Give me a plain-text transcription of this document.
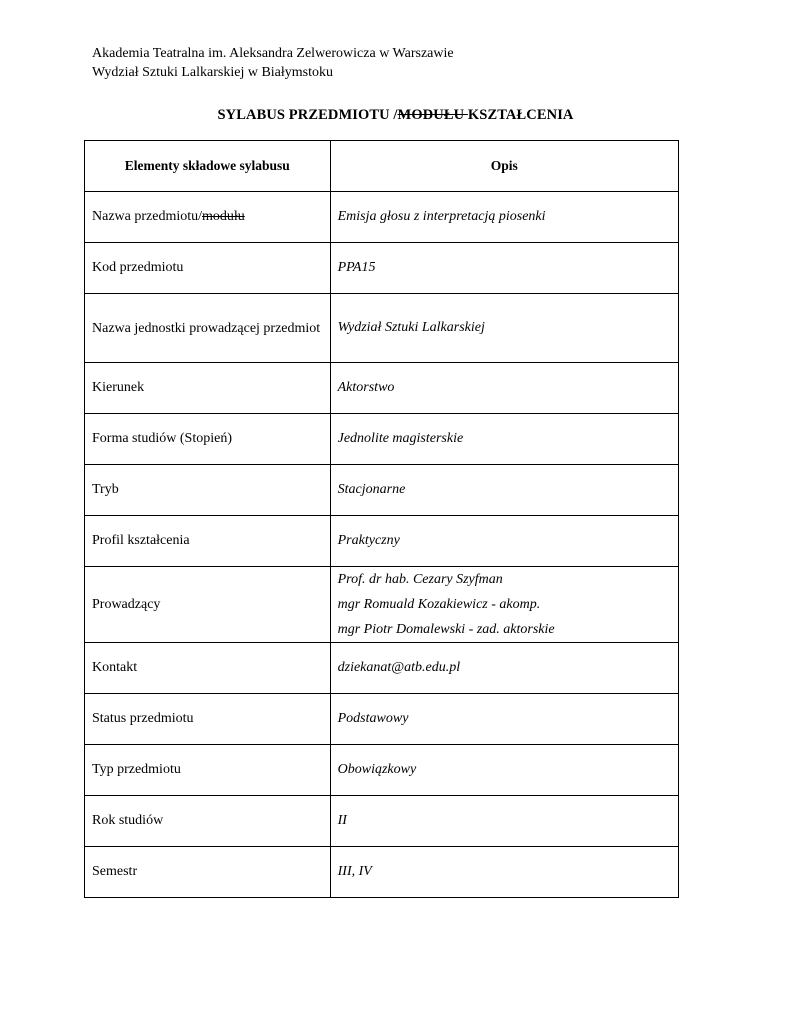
Akademia Teatralna im. Aleksandra Zelwerowicza w Warszawie
Wydział Sztuki Lalkarskiej w Białymstoku
SYLABUS PRZEDMIOTU /MODUŁU KSZTAŁCENIA
Elementy składowe sylabusu	Opis
Nazwa przedmiotu/modułu	Emisja głosu z interpretacją piosenki
Kod przedmiotu	PPA15
Nazwa jednostki prowadzącej przedmiot	Wydział Sztuki Lalkarskiej
Kierunek	Aktorstwo
Forma studiów (Stopień)	Jednolite magisterskie
Tryb	Stacjonarne
Profil kształcenia	Praktyczny
Prowadzący	Prof. dr hab. Cezary Szyfman
mgr Romuald Kozakiewicz - akomp.
mgr Piotr Domalewski - zad. aktorskie

Kontakt	dziekanat@atb.edu.pl
Status przedmiotu	Podstawowy
Typ przedmiotu	Obowiązkowy
Rok studiów	II
Semestr	III, IV
